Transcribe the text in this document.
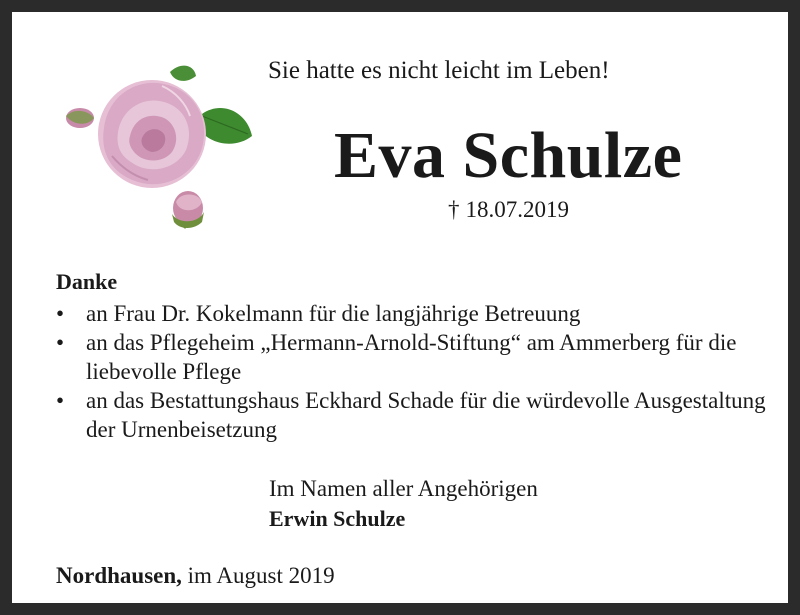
Sie hatte es nicht leicht im Leben!
Eva Schulze
† 18.07.2019
Danke
• an Frau Dr. Kokelmann für die langjährige Betreuung
• an das Pflegeheim „Hermann-Arnold-Stiftung“ am Ammerberg für die liebevolle Pflege
• an das Bestattungshaus Eckhard Schade für die würdevolle Ausgestaltung der Urnenbeisetzung
Im Namen aller Angehörigen
Erwin Schulze
Nordhausen, im August 2019
